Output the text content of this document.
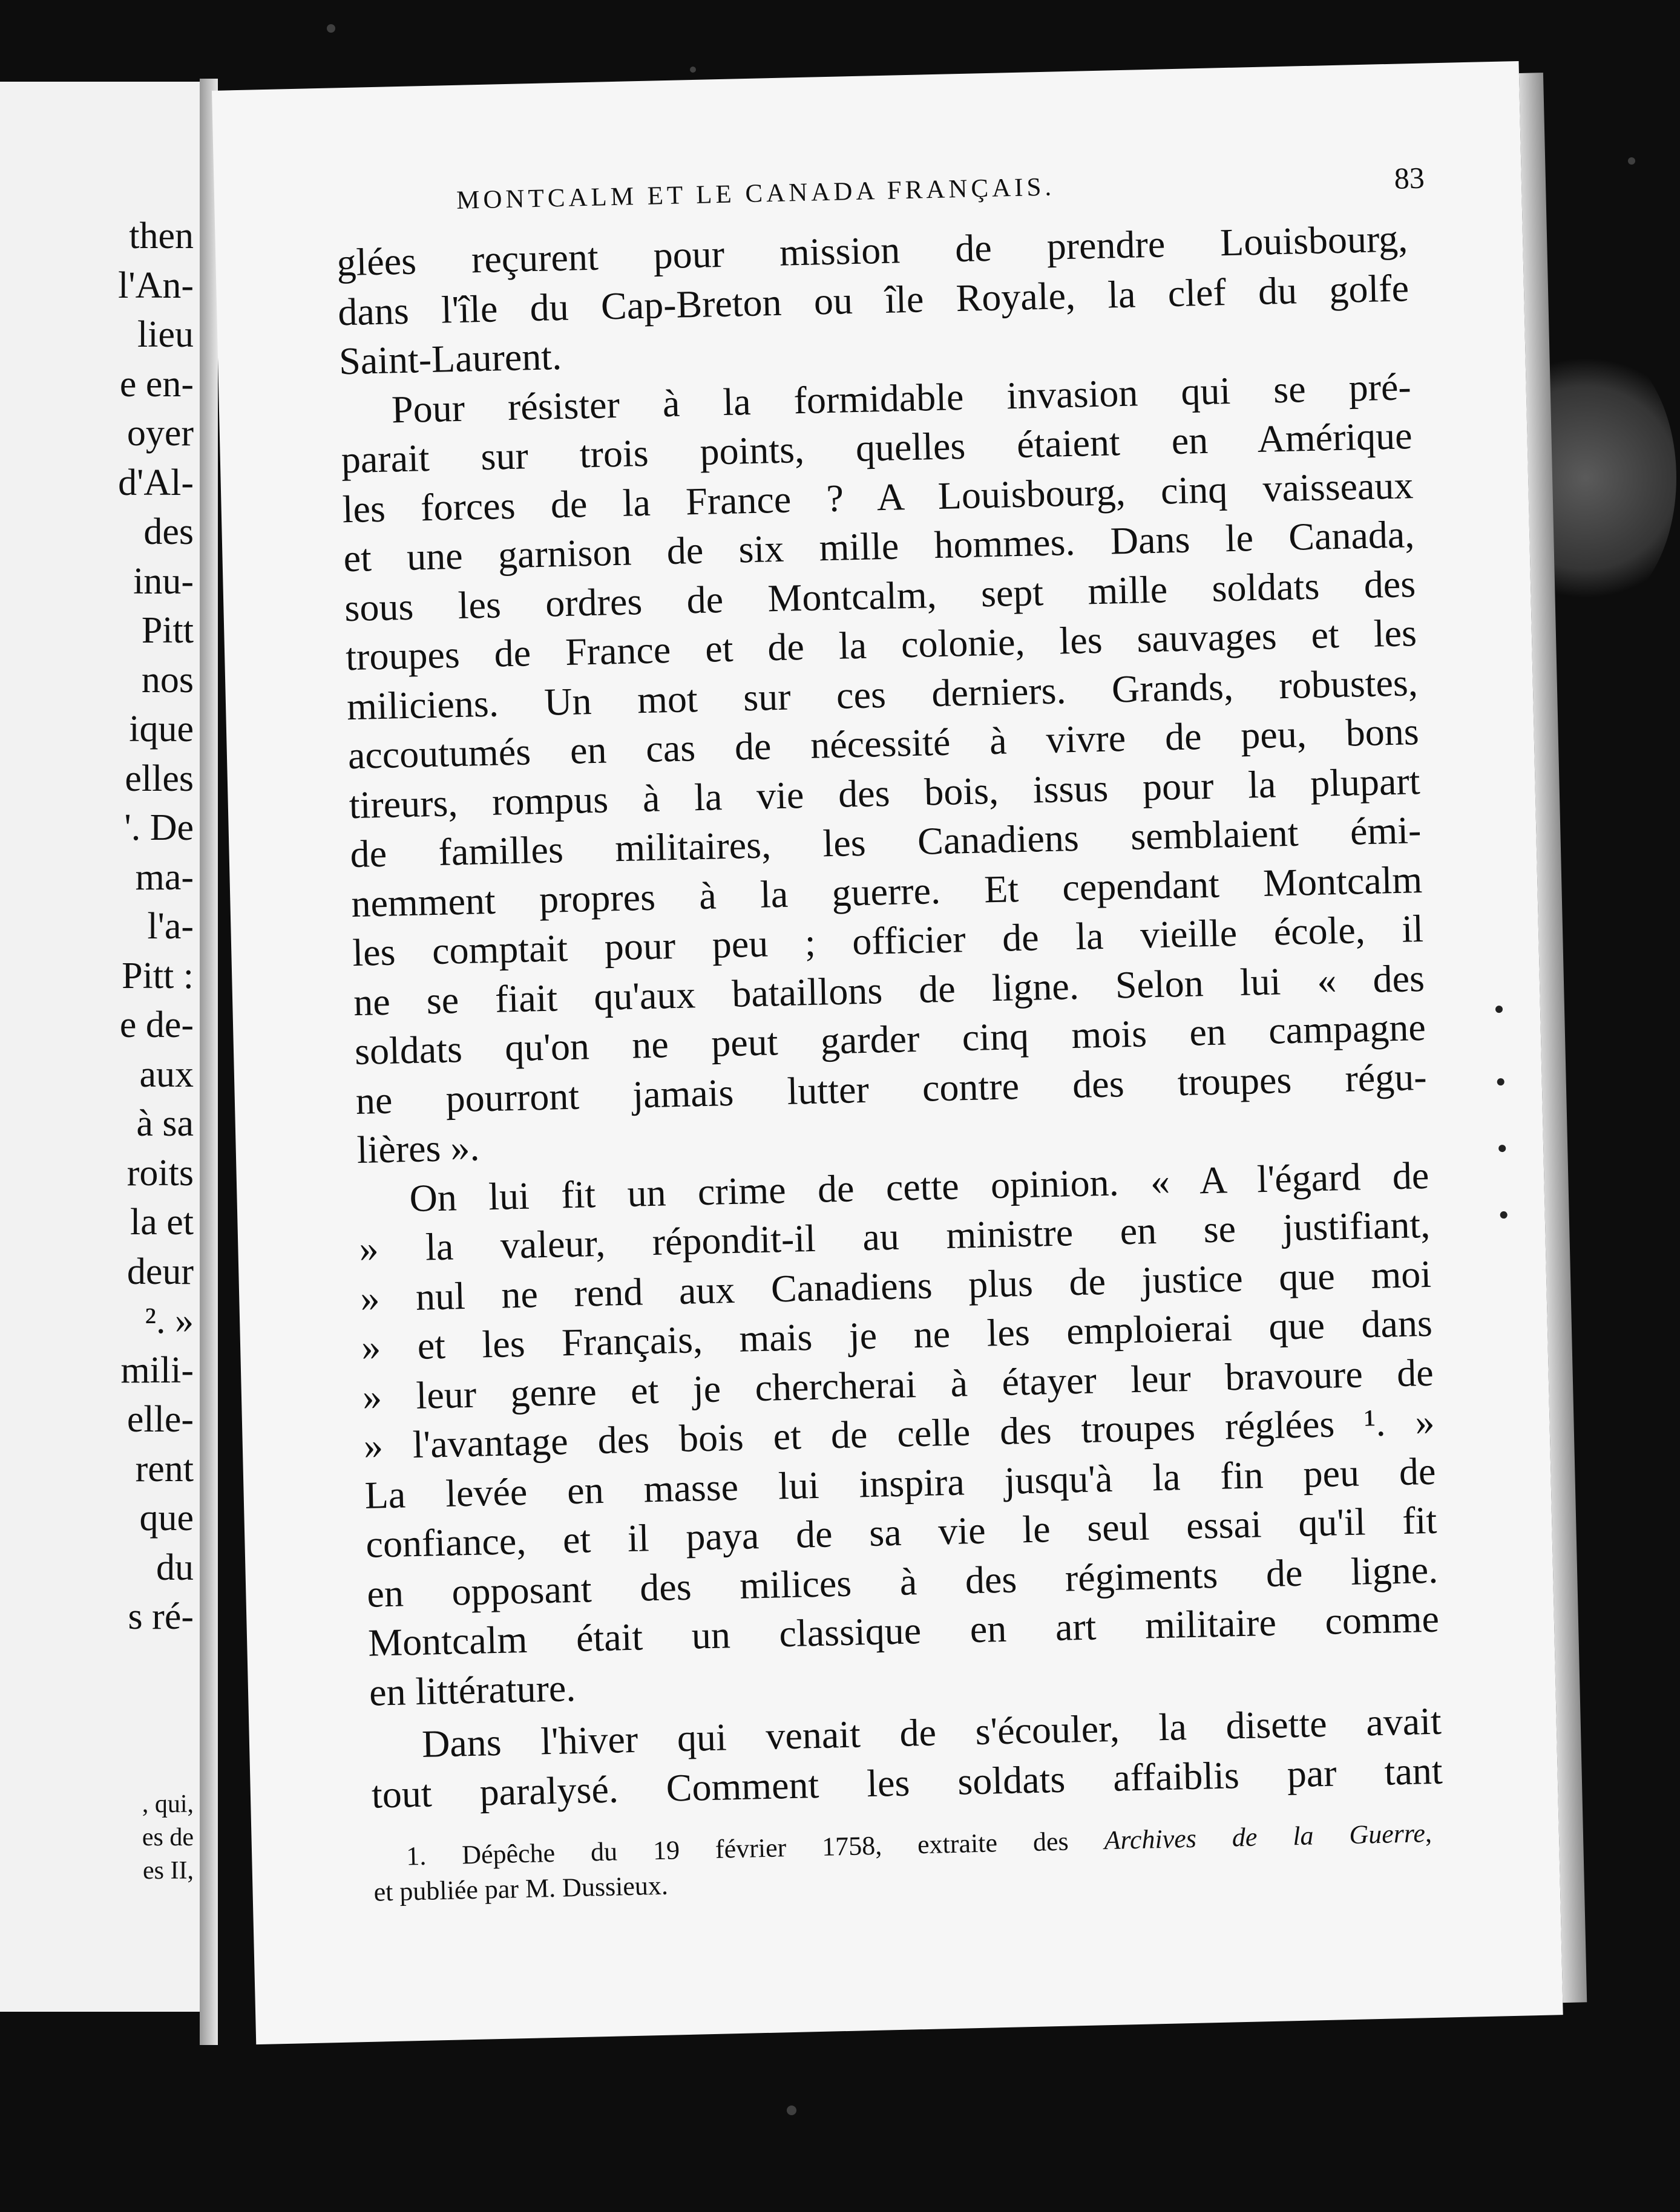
then
l'An-
lieu
e en-
oyer
d'Al-
des
inu-
Pitt
nos
ique
elles
'. De
ma-
l'a-
Pitt :
e de-
aux
à sa
roits
la et
deur
². »
mili-
elle-
rent
que
du
s ré-
, qui,
es de
es II,
MONTCALM ET LE CANADA FRANÇAIS.	83
glées reçurent pour mission de prendre Louisbourg,
dans l'île du Cap-Breton ou île Royale, la clef du golfe
Saint-Laurent.
Pour résister à la formidable invasion qui se pré-
parait sur trois points, quelles étaient en Amérique
les forces de la France ? A Louisbourg, cinq vaisseaux
et une garnison de six mille hommes. Dans le Canada,
sous les ordres de Montcalm, sept mille soldats des
troupes de France et de la colonie, les sauvages et les
miliciens. Un mot sur ces derniers. Grands, robustes,
accoutumés en cas de nécessité à vivre de peu, bons
tireurs, rompus à la vie des bois, issus pour la plupart
de familles militaires, les Canadiens semblaient émi-
nemment propres à la guerre. Et cependant Montcalm
les comptait pour peu ; officier de la vieille école, il
ne se fiait qu'aux bataillons de ligne. Selon lui « des
soldats qu'on ne peut garder cinq mois en campagne
ne pourront jamais lutter contre des troupes régu-
lières ».
On lui fit un crime de cette opinion. « A l'égard de
» la valeur, répondit-il au ministre en se justifiant,
» nul ne rend aux Canadiens plus de justice que moi
» et les Français, mais je ne les emploierai que dans
» leur genre et je chercherai à étayer leur bravoure de
» l'avantage des bois et de celle des troupes réglées ¹. »
La levée en masse lui inspira jusqu'à la fin peu de
confiance, et il paya de sa vie le seul essai qu'il fit
en opposant des milices à des régiments de ligne.
Montcalm était un classique en art militaire comme
en littérature.
Dans l'hiver qui venait de s'écouler, la disette avait
tout paralysé. Comment les soldats affaiblis par tant
1. Dépêche du 19 février 1758, extraite des Archives de la Guerre,
et publiée par M. Dussieux.
